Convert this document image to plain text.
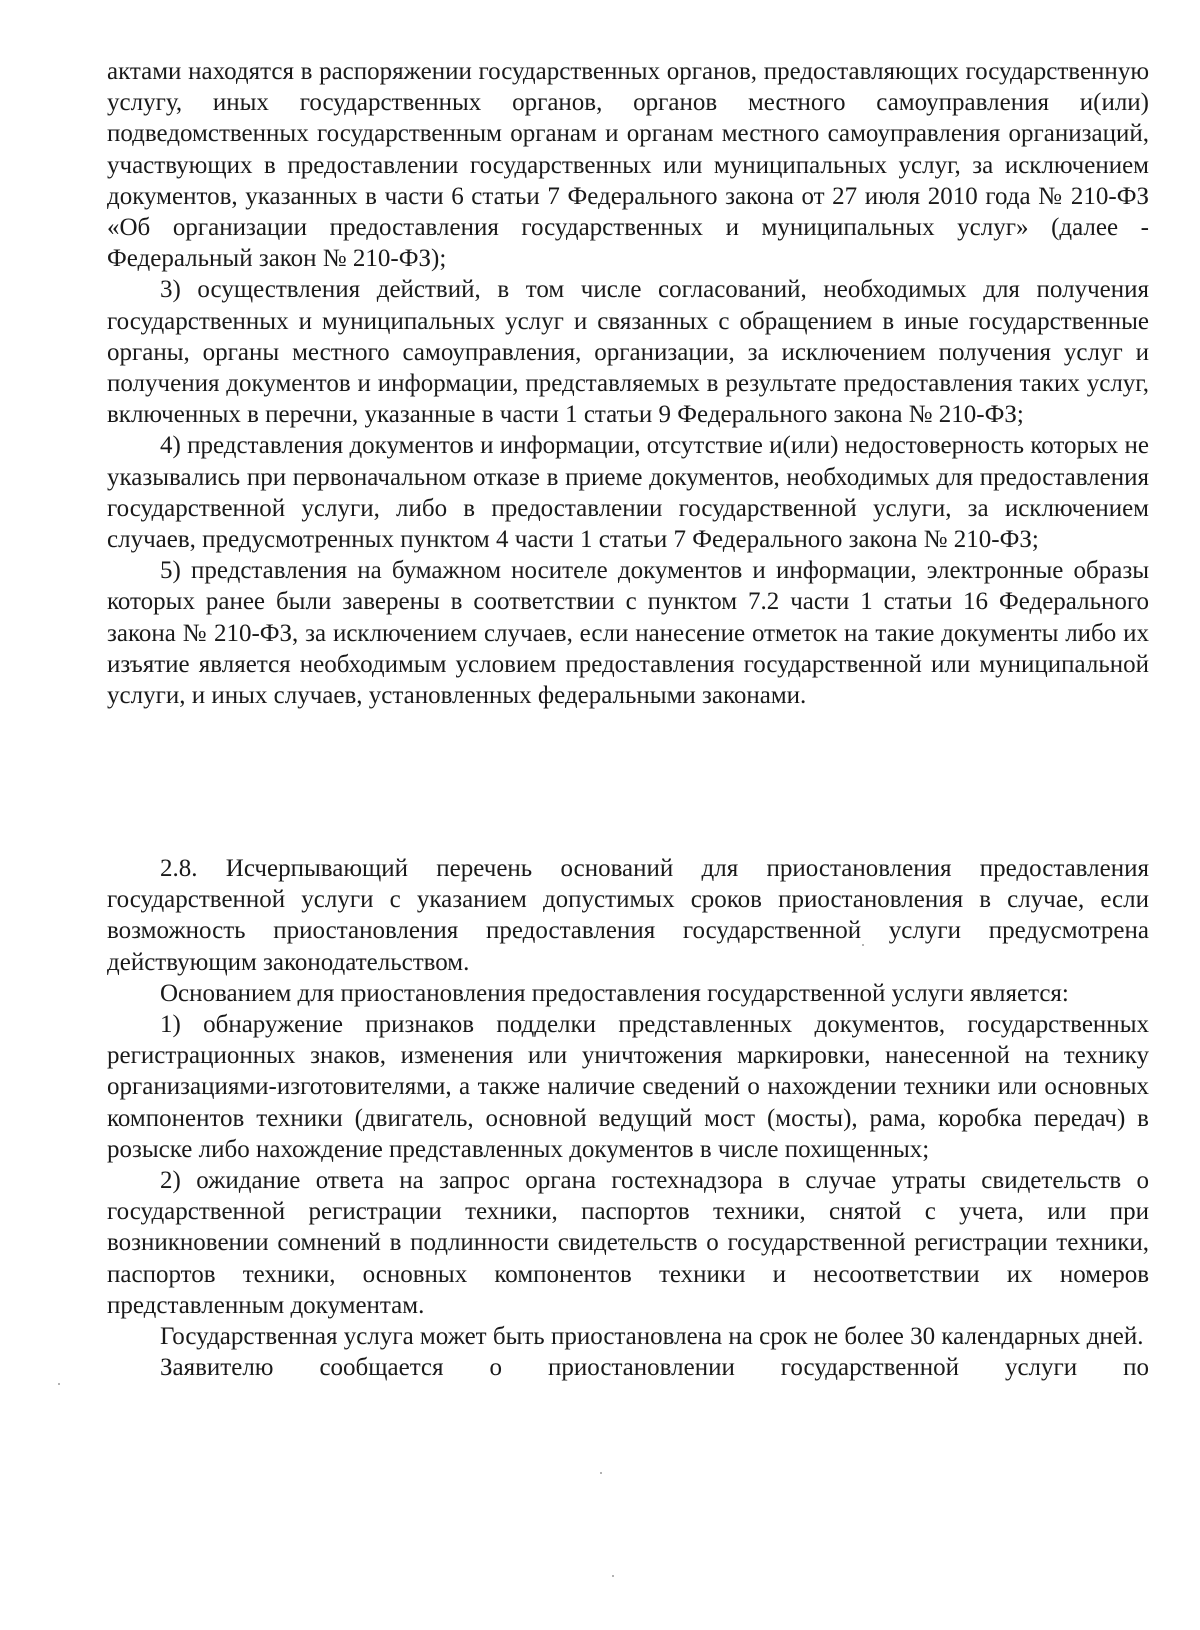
актами находятся в распоряжении государственных органов, предоставляющих государственную услугу, иных государственных органов, органов местного самоуправления и(или) подведомственных государственным органам и органам местного самоуправления организаций, участвующих в предоставлении государственных или муниципальных услуг, за исключением документов, указанных в части 6 статьи 7 Федерального закона от 27 июля 2010 года № 210-ФЗ «Об организации предоставления государственных и муниципальных услуг» (далее - Федеральный закон № 210-ФЗ);

3) осуществления действий, в том числе согласований, необходимых для получения государственных и муниципальных услуг и связанных с обращением в иные государственные органы, органы местного самоуправления, организации, за исключением получения услуг и получения документов и информации, представляемых в результате предоставления таких услуг, включенных в перечни, указанные в части 1 статьи 9 Федерального закона № 210-ФЗ;

4) представления документов и информации, отсутствие и(или) недостоверность которых не указывались при первоначальном отказе в приеме документов, необходимых для предоставления государственной услуги, либо в предоставлении государственной услуги, за исключением случаев, предусмотренных пунктом 4 части 1 статьи 7 Федерального закона № 210-ФЗ;

5) представления на бумажном носителе документов и информации, электронные образы которых ранее были заверены в соответствии с пунктом 7.2 части 1 статьи 16 Федерального закона № 210-ФЗ, за исключением случаев, если нанесение отметок на такие документы либо их изъятие является необходимым условием предоставления государственной или муниципальной услуги, и иных случаев, установленных федеральными законами.

2.8. Исчерпывающий перечень оснований для приостановления предоставления государственной услуги с указанием допустимых сроков приостановления в случае, если возможность приостановления предоставления государственной услуги предусмотрена действующим законодательством.

Основанием для приостановления предоставления государственной услуги является:

1) обнаружение признаков подделки представленных документов, государственных регистрационных знаков, изменения или уничтожения маркировки, нанесенной на технику организациями-изготовителями, а также наличие сведений о нахождении техники или основных компонентов техники (двигатель, основной ведущий мост (мосты), рама, коробка передач) в розыске либо нахождение представленных документов в числе похищенных;

2) ожидание ответа на запрос органа гостехнадзора в случае утраты свидетельств о государственной регистрации техники, паспортов техники, снятой с учета, или при возникновении сомнений в подлинности свидетельств о государственной регистрации техники, паспортов техники, основных компонентов техники и несоответствии их номеров представленным документам.

Государственная услуга может быть приостановлена на срок не более 30 календарных дней.

Заявителю сообщается о приостановлении государственной услуги по
